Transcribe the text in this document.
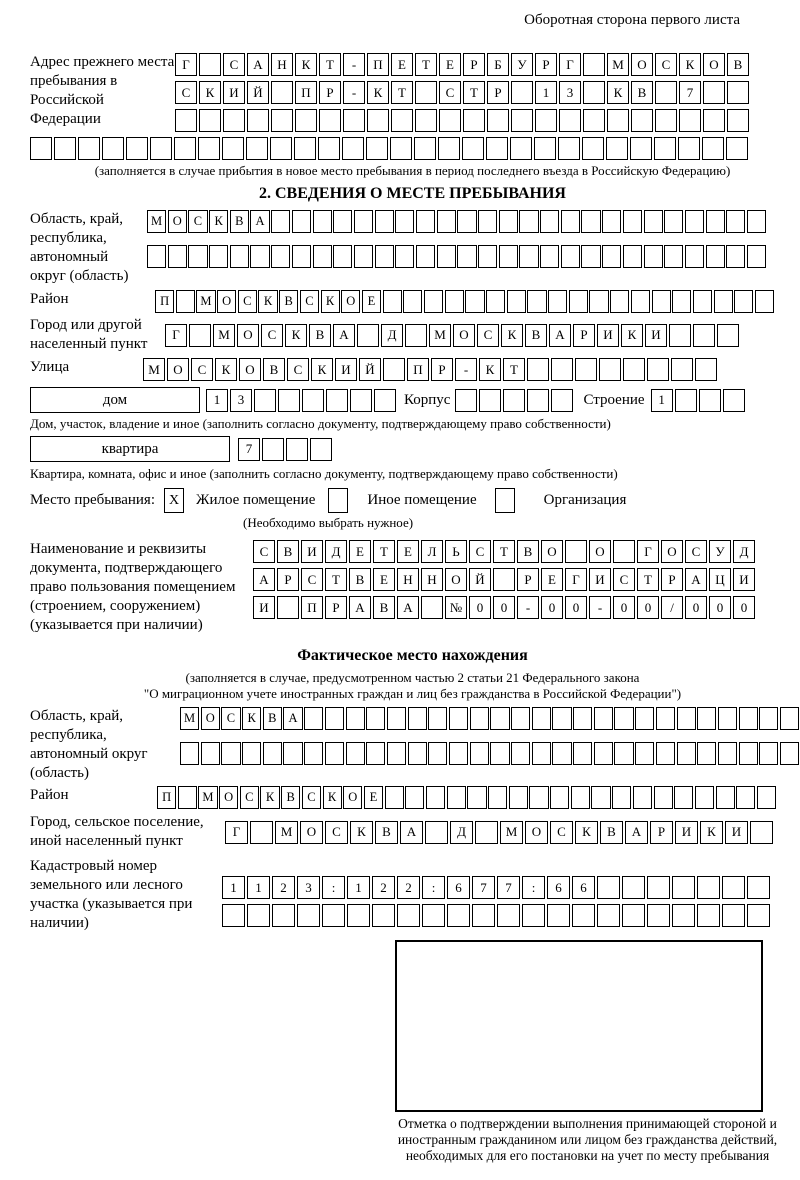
Оборотная сторона первого листа
Адрес прежнего места пребывания в Российской Федерации
Г	С	А	Н	К	Т	-	П	Е	Т	Е	Р	Б	У	Р	Г	М	О	С	К	О	В
С	К	И	Й	П	Р	-	К	Т	С	Т	Р	1	3	К	В	7
(заполняется в случае прибытия в новое место пребывания в период последнего въезда в Российскую Федерацию)
2. СВЕДЕНИЯ О МЕСТЕ ПРЕБЫВАНИЯ
Область, край, республика, автономный округ (область)
М О С К В А
Район	П	М О С К В С К О Е
Город или другой населенный пункт
Г	М	О	С	К	В	А	Д	М	О	С	К	В	А	Р	И	К	И
Улица	М	О	С	К	О	В	С	К	И	Й	П	Р	-	К	Т
дом	1	3	Корпус	Строение	1
Дом, участок, владение и иное (заполнить согласно документу, подтверждающему право собственности)
квартира	7
Квартира, комната, офис и иное (заполнить согласно документу, подтверждающему право собственности)
Место пребывания: X	Жилое помещение	Иное помещение	Организация
(Необходимо выбрать нужное)
Наименование и реквизиты документа, подтверждающего право пользования помещением (строением, сооружением) (указывается при наличии)
С	В	И	Д	Е	Т	Е	Л	Ь	С	Т	В	О	О	Г	О	С	У	Д
А	Р	С	Т	В	Е	Н	Н	О	Й	Р	Е	Г	И	С	Т	Р	А	Ц	И
И	П	Р	А	В	А	№	0	0	-	0	0	-	0	0	/	0	0	0
Фактическое место нахождения
(заполняется в случае, предусмотренном частью 2 статьи 21 Федерального закона
"О миграционном учете иностранных граждан и лиц без гражданства в Российской Федерации")
Область, край, республика, автономный округ (область)
М О С К В А
Район	П	М О С К В С К О Е
Город, сельское поселение, иной населенный пункт
Г	М	О	С	К	В	А	Д	М	О	С	К	В	А	Р	И	К	И
Кадастровый номер земельного или лесного участка (указывается при наличии)
1	1	2	3	:	1	2	2	:	6	7	7	:	6	6
Отметка о подтверждении выполнения принимающей стороной и иностранным гражданином или лицом без гражданства действий, необходимых для его постановки на учет по месту пребывания
